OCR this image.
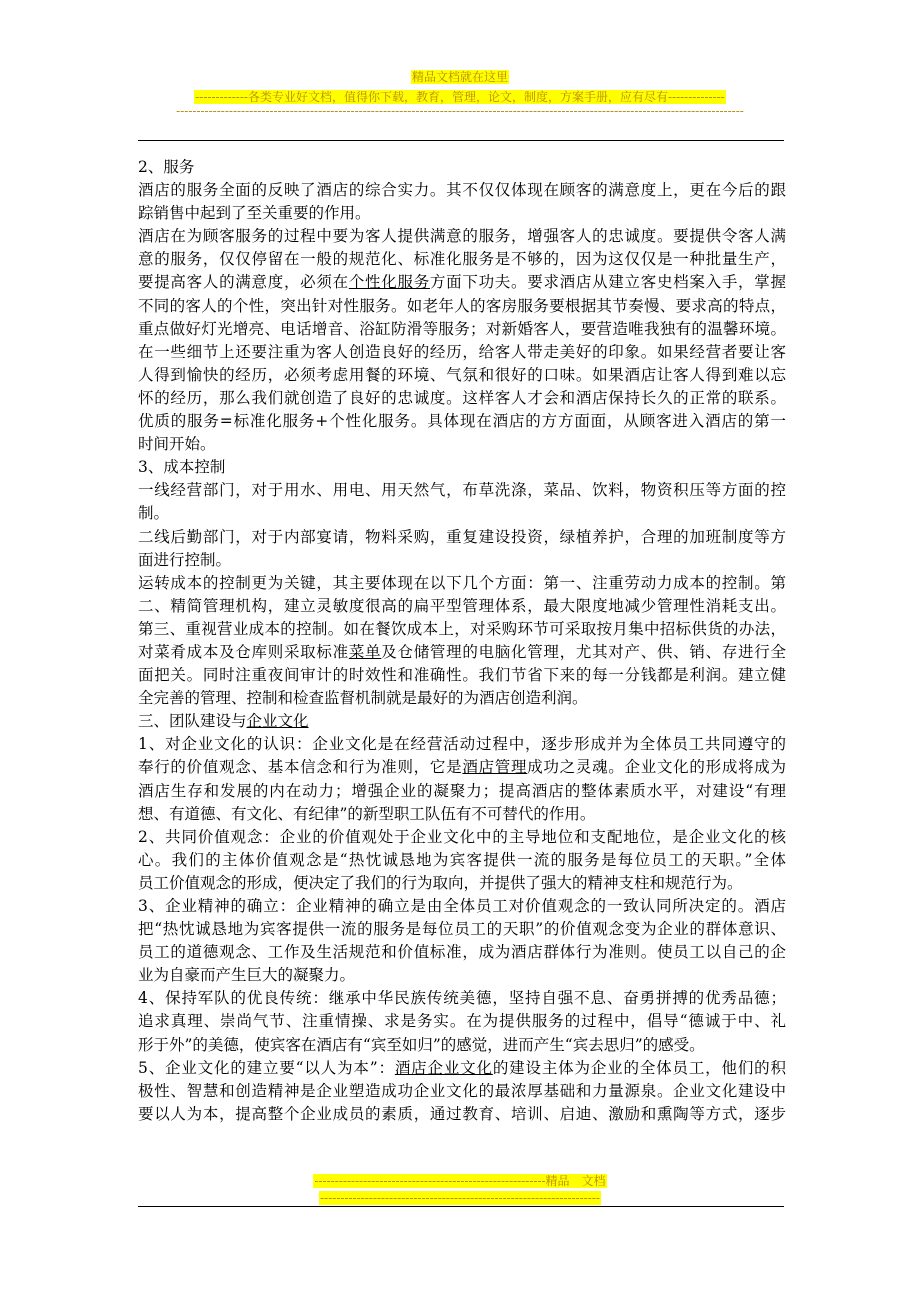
精品文档就在这里
-------------各类专业好文档，值得你下载，教育，管理，论文，制度，方案手册，应有尽有--------------
--------------------------------------------------------------------------------------------------------------------------------------------
2、服务
酒店的服务全面的反映了酒店的综合实力。其不仅仅体现在顾客的满意度上，更在今后的跟
踪销售中起到了至关重要的作用。
酒店在为顾客服务的过程中要为客人提供满意的服务，增强客人的忠诚度。要提供令客人满
意的服务，仅仅停留在一般的规范化、标准化服务是不够的，因为这仅仅是一种批量生产，
要提高客人的满意度，必须在个性化服务方面下功夫。要求酒店从建立客史档案入手，掌握
不同的客人的个性，突出针对性服务。如老年人的客房服务要根据其节奏慢、要求高的特点，
重点做好灯光增亮、电话增音、浴缸防滑等服务；对新婚客人，要营造唯我独有的温馨环境。
在一些细节上还要注重为客人创造良好的经历，给客人带走美好的印象。如果经营者要让客
人得到愉快的经历，必须考虑用餐的环境、气氛和很好的口味。如果酒店让客人得到难以忘
怀的经历，那么我们就创造了良好的忠诚度。这样客人才会和酒店保持长久的正常的联系。
优质的服务=标准化服务+个性化服务。具体现在酒店的方方面面，从顾客进入酒店的第一
时间开始。
3、成本控制
一线经营部门，对于用水、用电、用天然气，布草洗涤，菜品、饮料，物资积压等方面的控
制。
二线后勤部门，对于内部宴请，物料采购，重复建设投资，绿植养护，合理的加班制度等方
面进行控制。
运转成本的控制更为关键，其主要体现在以下几个方面：第一、注重劳动力成本的控制。第
二、精简管理机构，建立灵敏度很高的扁平型管理体系，最大限度地减少管理性消耗支出。
第三、重视营业成本的控制。如在餐饮成本上，对采购环节可采取按月集中招标供货的办法，
对菜肴成本及仓库则采取标准菜单及仓储管理的电脑化管理，尤其对产、供、销、存进行全
面把关。同时注重夜间审计的时效性和准确性。我们节省下来的每一分钱都是利润。建立健
全完善的管理、控制和检查监督机制就是最好的为酒店创造利润。
三、团队建设与企业文化
1、对企业文化的认识：企业文化是在经营活动过程中，逐步形成并为全体员工共同遵守的
奉行的价值观念、基本信念和行为准则，它是酒店管理成功之灵魂。企业文化的形成将成为
酒店生存和发展的内在动力；增强企业的凝聚力；提高酒店的整体素质水平，对建设“有理
想、有道德、有文化、有纪律”的新型职工队伍有不可替代的作用。
2、共同价值观念：企业的价值观处于企业文化中的主导地位和支配地位，是企业文化的核
心。我们的主体价值观念是“热忱诚恳地为宾客提供一流的服务是每位员工的天职。”全体
员工价值观念的形成，便决定了我们的行为取向，并提供了强大的精神支柱和规范行为。
3、企业精神的确立：企业精神的确立是由全体员工对价值观念的一致认同所决定的。酒店
把“热忱诚恳地为宾客提供一流的服务是每位员工的天职”的价值观念变为企业的群体意识、
员工的道德观念、工作及生活规范和价值标准，成为酒店群体行为准则。使员工以自己的企
业为自豪而产生巨大的凝聚力。
4、保持军队的优良传统：继承中华民族传统美德，坚持自强不息、奋勇拼搏的优秀品德；
追求真理、崇尚气节、注重情操、求是务实。在为提供服务的过程中，倡导“德诚于中、礼
形于外”的美德，使宾客在酒店有“宾至如归”的感觉，进而产生“宾去思归”的感受。
5、企业文化的建立要“以人为本”：酒店企业文化的建设主体为企业的全体员工，他们的积
极性、智慧和创造精神是企业塑造成功企业文化的最浓厚基础和力量源泉。企业文化建设中
要以人为本，提高整个企业成员的素质，通过教育、培训、启迪、激励和熏陶等方式，逐步
---------------------------------------------------------精品　文档
---------------------------------------------------------------------
